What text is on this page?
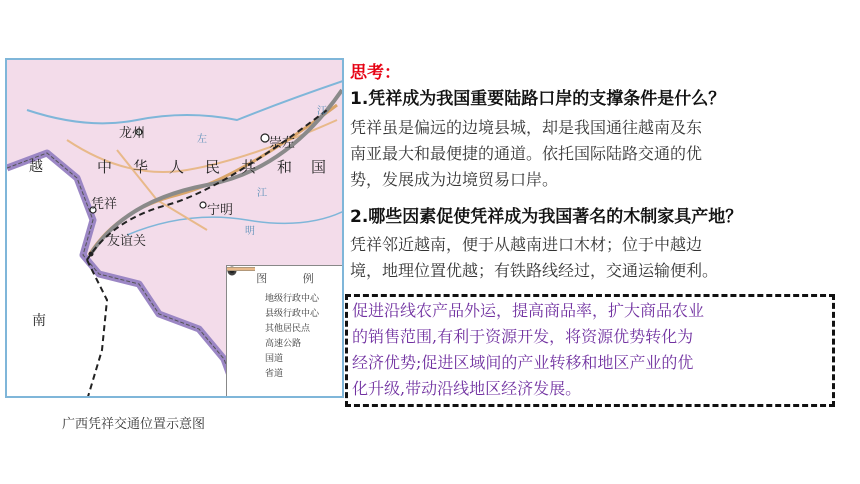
龙州
崇左
凭祥	宁明
友谊关
越
南
左
江
江
明
中 华 人 民 共 和 国
图 例
地级行政中心
县级行政中心
其他居民点
高速公路
国道
省道
广西凭祥交通位置示意图
思考：
1.凭祥成为我国重要陆路口岸的支撑条件是什么？
凭祥虽是偏远的边境县城，却是我国通往越南及东
南亚最大和最便捷的通道。依托国际陆路交通的优
势，发展成为边境贸易口岸。
2.哪些因素促使凭祥成为我国著名的木制家具产地？
凭祥邻近越南，便于从越南进口木材；位于中越边
境，地理位置优越；有铁路线经过，交通运输便利。
促进沿线农产品外运，提高商品率，扩大商品农业
的销售范围,有利于资源开发，将资源优势转化为
经济优势;促进区域间的产业转移和地区产业的优
化升级,带动沿线地区经济发展。
